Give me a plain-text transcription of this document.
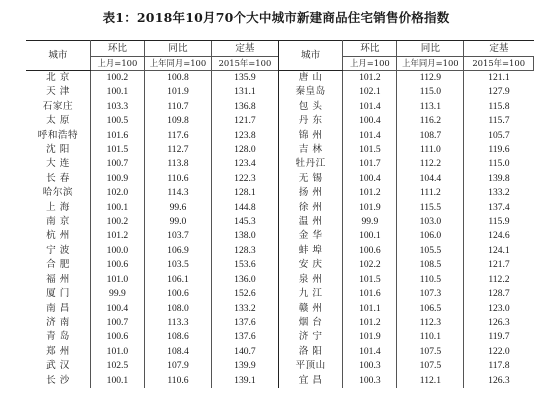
表1：2018年10月70个大中城市新建商品住宅销售价格指数
城市	环比	同比	定基	城市	环比	同比	定基
	上月=100	上年同月=100	2015年=100		上月=100	上年同月=100	2015年=100
北 京	100.2	100.8	135.9	唐 山	101.2	112.9	121.1
天 津	100.1	101.9	131.1	秦皇岛	102.1	115.0	127.9
石家庄	103.3	110.7	136.8	包 头	101.4	113.1	115.8
太 原	100.5	109.8	121.7	丹 东	100.4	116.2	115.7
呼和浩特	101.6	117.6	123.8	锦 州	101.4	108.7	105.7
沈 阳	101.5	112.7	128.0	吉 林	101.5	111.0	119.6
大 连	100.7	113.8	123.4	牡丹江	101.7	112.2	115.0
长 春	100.9	110.6	122.3	无 锡	100.4	104.4	139.8
哈尔滨	102.0	114.3	128.1	扬 州	101.2	111.2	133.2
上 海	100.1	99.6	144.8	徐 州	101.9	115.5	137.4
南 京	100.2	99.0	145.3	温 州	99.9	103.0	115.9
杭 州	101.2	103.7	138.0	金 华	100.1	106.0	124.6
宁 波	100.0	106.9	128.3	蚌 埠	100.6	105.5	124.1
合 肥	100.6	103.5	153.6	安 庆	102.2	108.5	121.7
福 州	101.0	106.1	136.0	泉 州	101.5	110.5	112.2
厦 门	99.9	100.6	152.6	九 江	101.6	107.3	128.7
南 昌	100.4	108.0	133.2	赣 州	101.1	106.5	123.0
济 南	100.7	113.3	137.6	烟 台	101.2	112.3	126.3
青 岛	100.6	108.6	137.6	济 宁	101.9	110.1	119.7
郑 州	101.0	108.4	140.7	洛 阳	101.4	107.5	122.0
武 汉	102.5	107.9	139.9	平顶山	100.3	107.5	117.8
长 沙	100.1	110.6	139.1	宜 昌	100.3	112.1	126.3
